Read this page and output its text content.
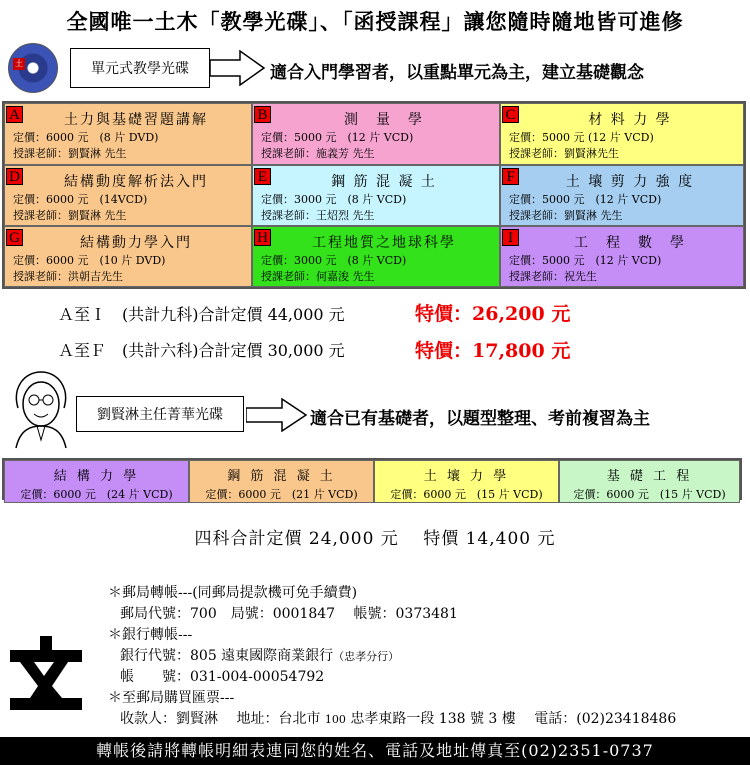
全國唯一土木「教學光碟」、「函授課程」讓您隨時隨地皆可進修
土	單元式教學光碟	適合入門學習者，以重點單元為主，建立基礎觀念
A	土力與基礎習題講解
定價：6000 元　(8 片 DVD)
授課老師：劉賢淋 先生
B	測　量　學
定價：5000 元　(12 片 VCD)
授課老師：施義芳 先生
C	材 料 力 學
定價：5000 元 (12 片 VCD)
授課老師：劉賢淋先生
D	結構動度解析法入門
定價：6000 元　(14VCD)
授課老師：劉賢淋 先生
E	鋼 筋 混 凝 土
定價：3000 元　(8 片 VCD)
授課老師：王炤烈 先生
F	土 壤 剪 力 強 度
定價：5000 元　(12 片 VCD)
授課老師：劉賢淋 先生
G	結構動力學入門
定價：6000 元　(10 片 DVD)
授課老師：洪朝吉先生
H	工程地質之地球科學
定價：3000 元　(8 片 VCD)
授課老師：何嘉浚 先生
I	工　程　數　學
定價：5000 元　(12 片 VCD)
授課老師：祝先生
Ａ至Ｉ　(共計九科)合計定價 44,000 元	特價：26,200 元
Ａ至Ｆ　(共計六科)合計定價 30,000 元	特價：17,800 元
劉賢淋主任菁華光碟	適合已有基礎者，以題型整理、考前複習為主
結 構 力 學
定價：6000 元　(24 片 VCD)
鋼 筋 混 凝 土
定價：6000 元　(21 片 VCD)
土 壤 力 學
定價：6000 元　(15 片 VCD)
基 礎 工 程
定價：6000 元　(15 片 VCD)
四科合計定價 24,000 元　 特價 14,400 元
＊郵局轉帳---(同郵局提款機可免手續費)
郵局代號：700　局號：0001847　 帳號：0373481
＊銀行轉帳---
銀行代號：805 遠東國際商業銀行（忠孝分行）
帳　　號：031-004-00054792
＊至郵局購買匯票---
收款人：劉賢淋　 地址：台北市 100 忠孝東路一段 138 號 3 樓　 電話：(02)23418486
轉帳後請將轉帳明細表連同您的姓名、電話及地址傳真至(02)2351-0737
